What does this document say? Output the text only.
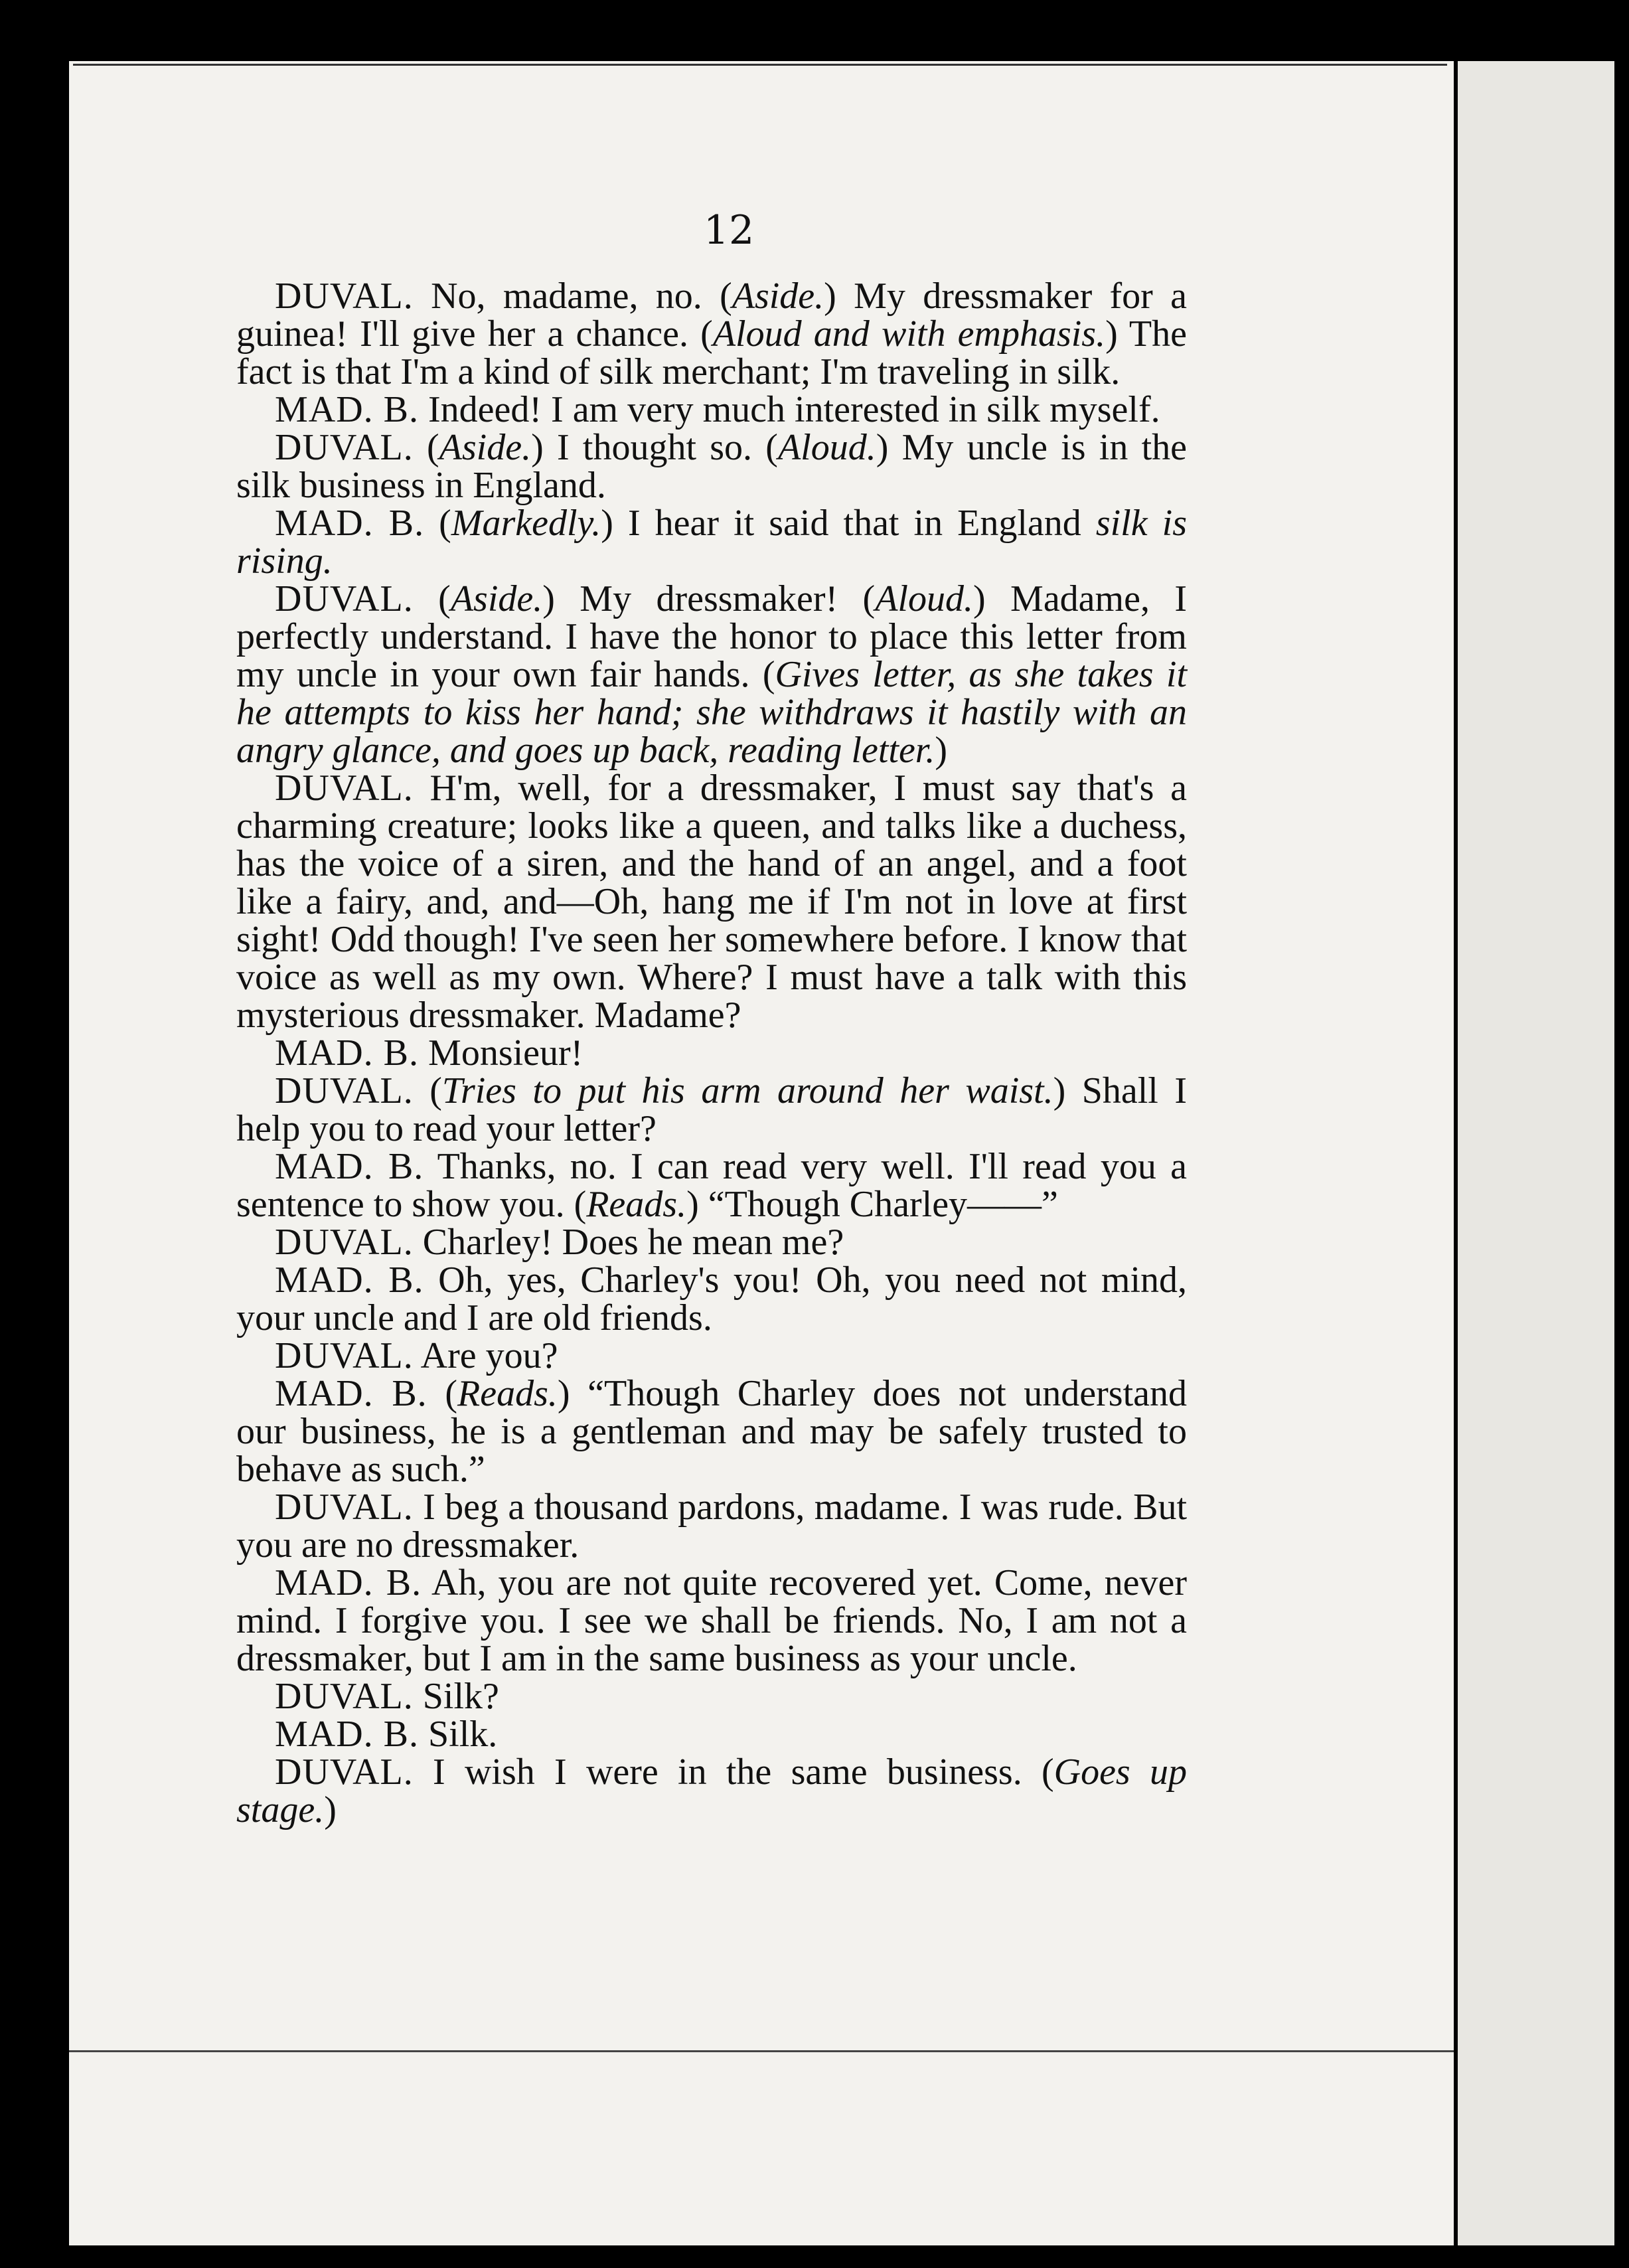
12

DUVAL. No, madame, no. (Aside.) My dressmaker for a guinea! I'll give her a chance. (Aloud and with emphasis.) The fact is that I'm a kind of silk merchant; I'm traveling in silk.

MAD. B. Indeed! I am very much interested in silk myself.

DUVAL. (Aside.) I thought so. (Aloud.) My uncle is in the silk business in England.

MAD. B. (Markedly.) I hear it said that in England silk is rising.

DUVAL. (Aside.) My dressmaker! (Aloud.) Madame, I perfectly understand. I have the honor to place this letter from my uncle in your own fair hands. (Gives letter, as she takes it he attempts to kiss her hand; she withdraws it hastily with an angry glance, and goes up back, reading letter.)

DUVAL. H'm, well, for a dressmaker, I must say that's a charming creature; looks like a queen, and talks like a duchess, has the voice of a siren, and the hand of an angel, and a foot like a fairy, and, and—Oh, hang me if I'm not in love at first sight! Odd though! I've seen her somewhere before. I know that voice as well as my own. Where? I must have a talk with this mysterious dressmaker. Madame?

MAD. B. Monsieur!

DUVAL. (Tries to put his arm around her waist.) Shall I help you to read your letter?

MAD. B. Thanks, no. I can read very well. I'll read you a sentence to show you. (Reads.) “Though Charley——”

DUVAL. Charley! Does he mean me?

MAD. B. Oh, yes, Charley's you! Oh, you need not mind, your uncle and I are old friends.

DUVAL. Are you?

MAD. B. (Reads.) “Though Charley does not understand our business, he is a gentleman and may be safely trusted to behave as such.”

DUVAL. I beg a thousand pardons, madame. I was rude. But you are no dressmaker.

MAD. B. Ah, you are not quite recovered yet. Come, never mind. I forgive you. I see we shall be friends. No, I am not a dressmaker, but I am in the same business as your uncle.

DUVAL. Silk?

MAD. B. Silk.

DUVAL. I wish I were in the same business. (Goes up stage.)
